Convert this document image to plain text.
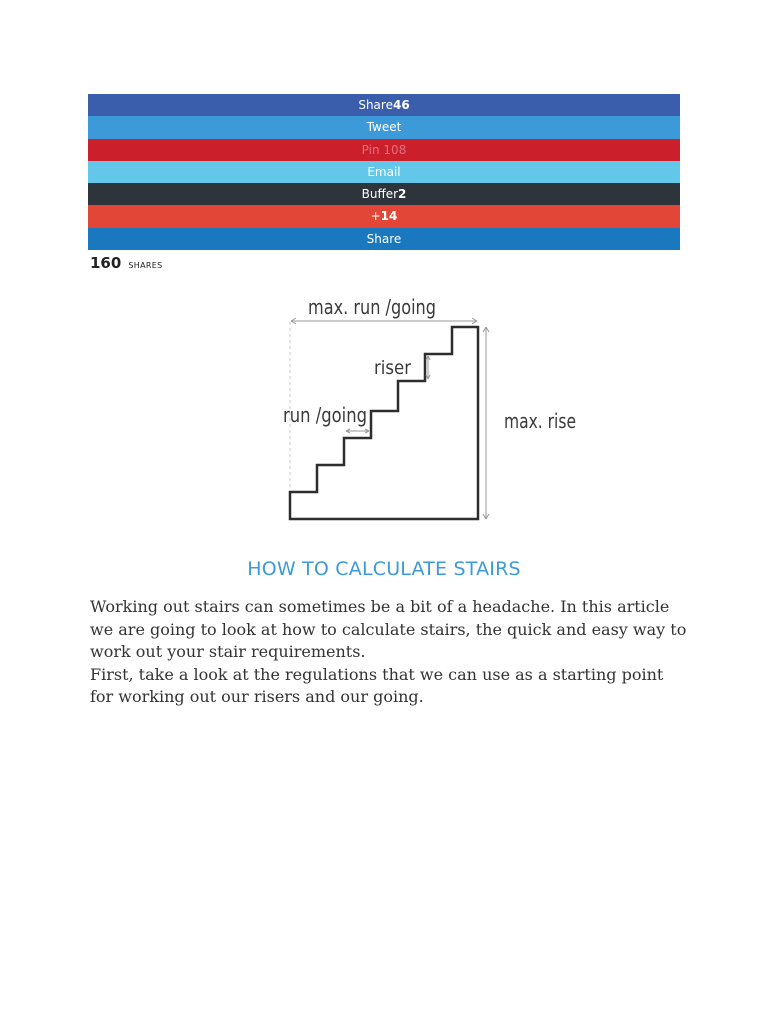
Share46
Tweet
Pin 108
Email
Buffer2
+14
Share
160 SHARES
max. run /going
riser
run /going	max. rise
HOW TO CALCULATE STAIRS

Working out stairs can sometimes be a bit of a headache. In this article we are going to look at how to calculate stairs, the quick and easy way to work out your stair requirements.

First, take a look at the regulations that we can use as a starting point for working out our risers and our going.
